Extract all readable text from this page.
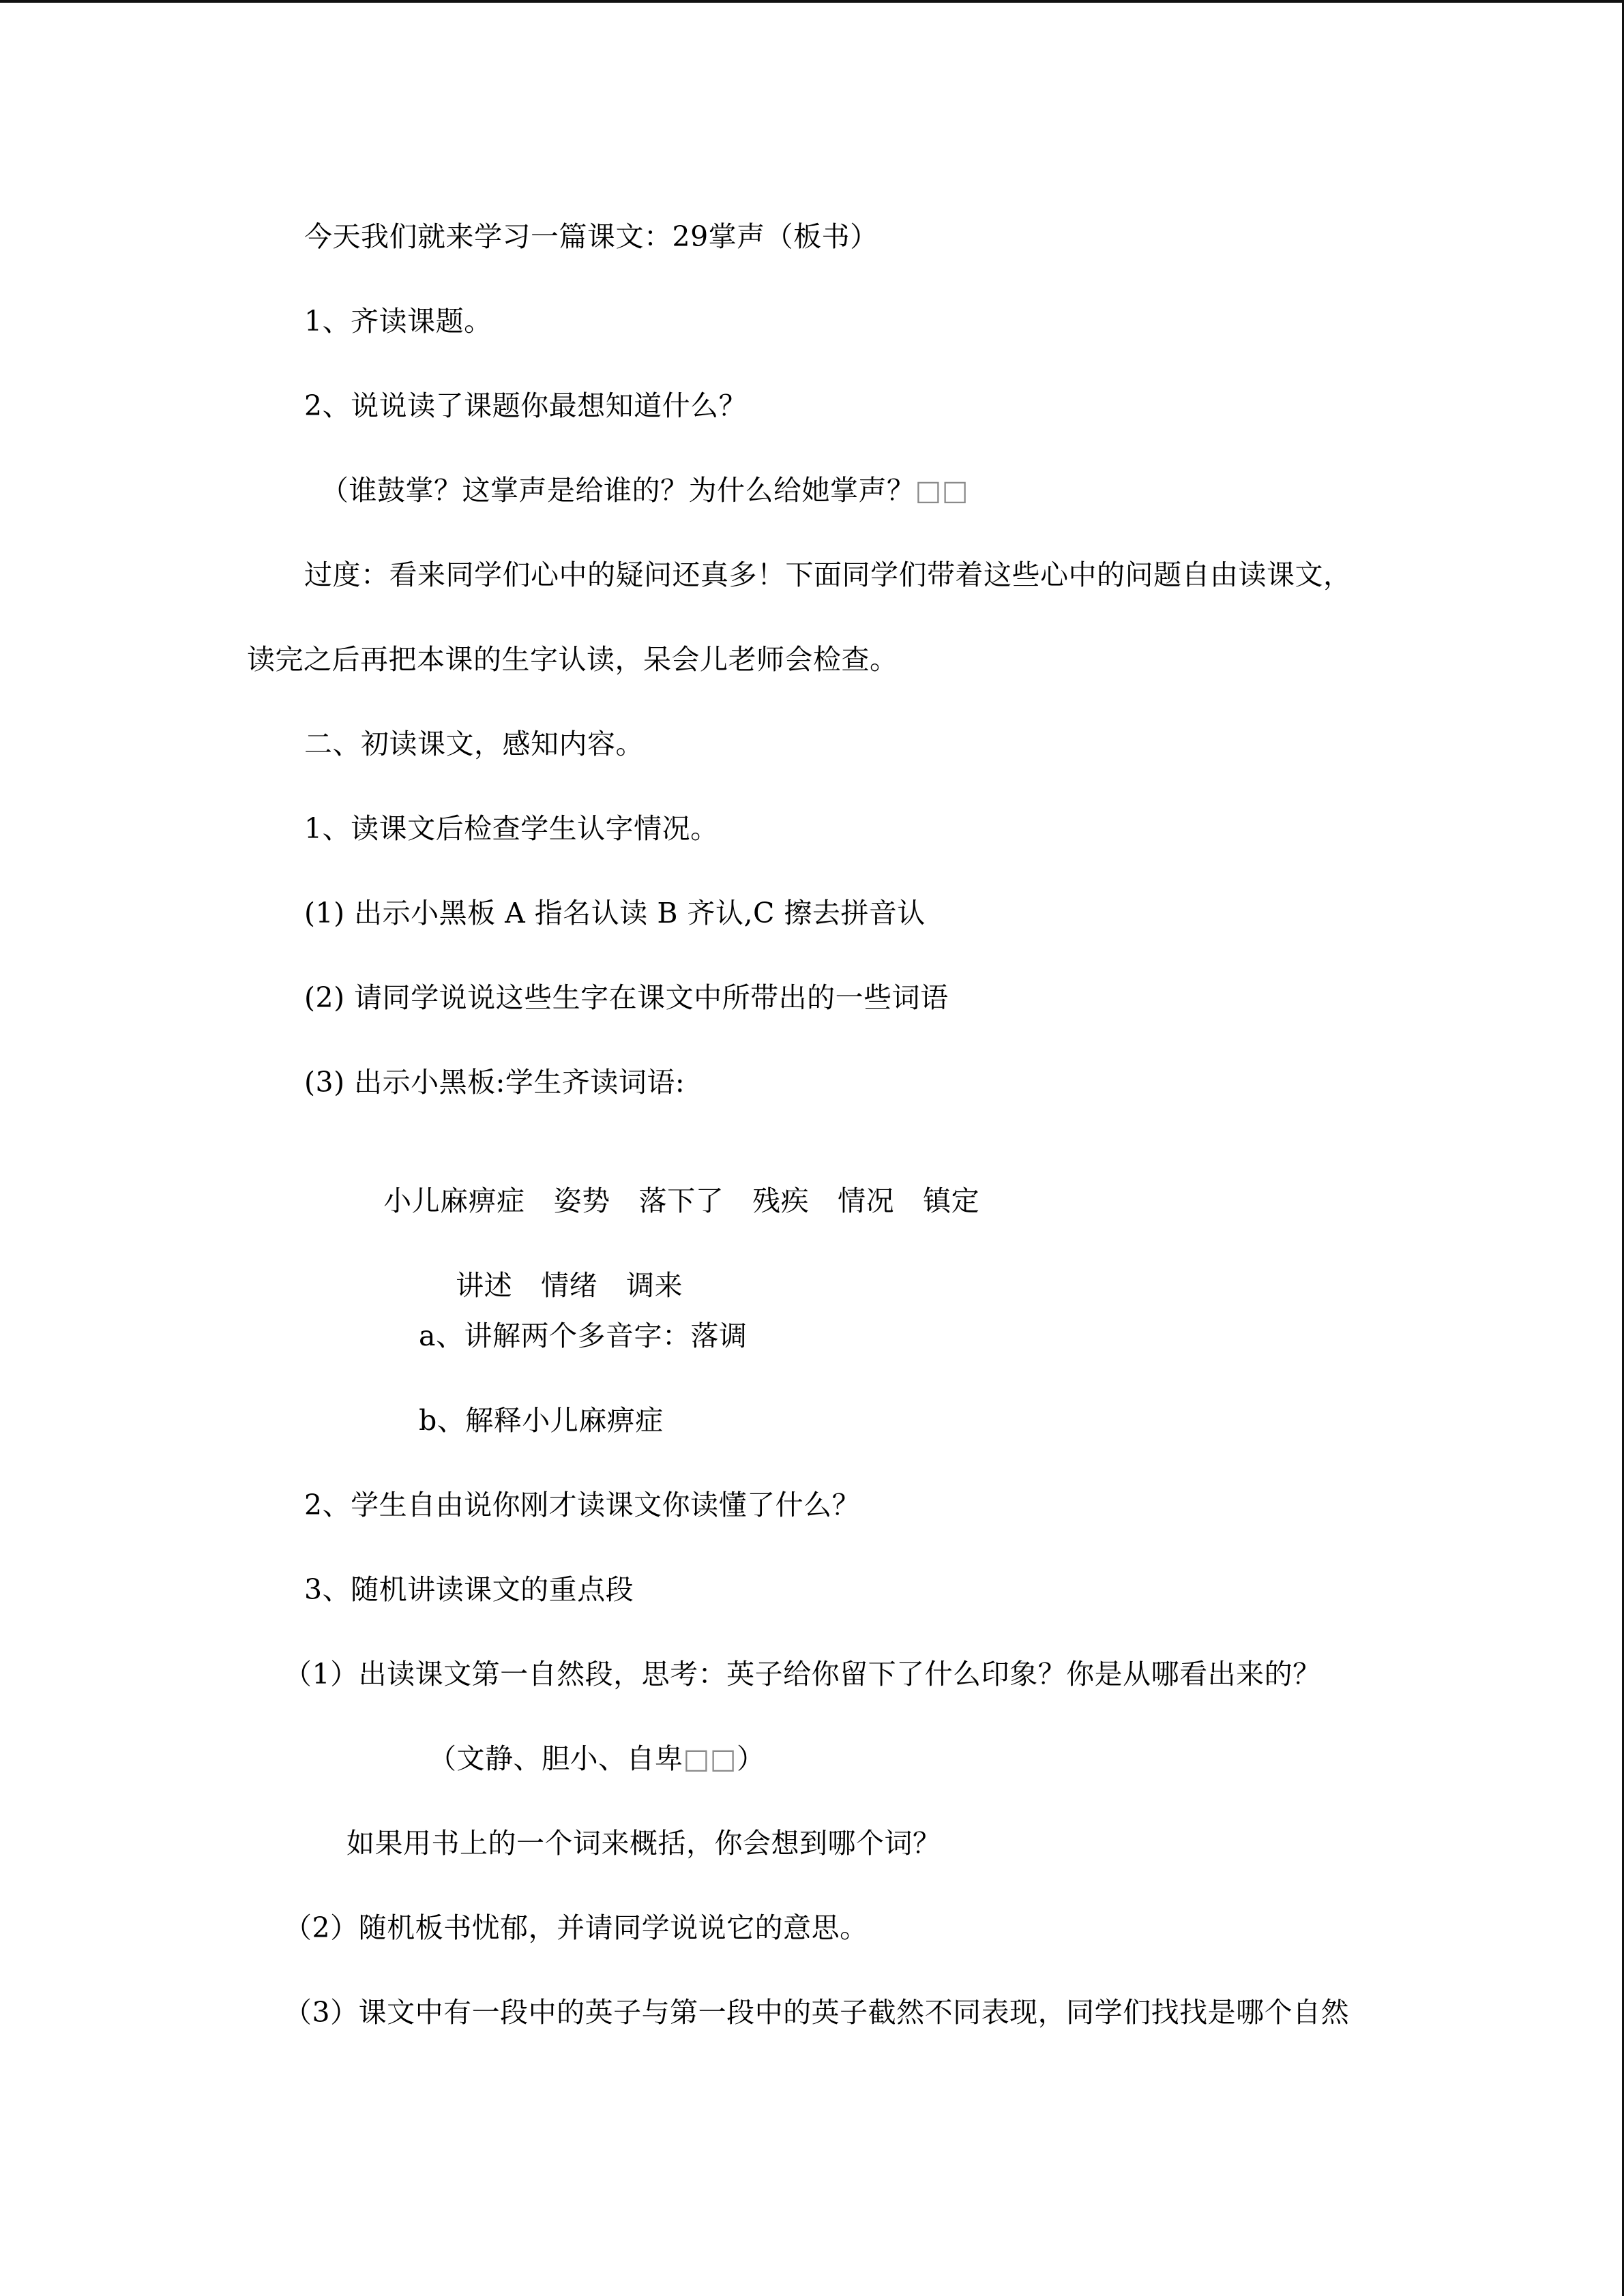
今天我们就来学习一篇课文：29掌声（板书）
1、齐读课题。
2、说说读了课题你最想知道什么？
（谁鼓掌？这掌声是给谁的？为什么给她掌声？□□
过度：看来同学们心中的疑问还真多！下面同学们带着这些心中的问题自由读课文，
读完之后再把本课的生字认读，呆会儿老师会检查。
二、初读课文，感知内容。
1、读课文后检查学生认字情况。
(1) 出示小黑板 A 指名认读 B 齐认,C 擦去拼音认
(2) 请同学说说这些生字在课文中所带出的一些词语
(3) 出示小黑板:学生齐读词语:

小儿麻痹症 姿势 落下了 残疾 情况 镇定

讲述 情绪 调来

a、讲解两个多音字：落调
b、解释小儿麻痹症
2、学生自由说你刚才读课文你读懂了什么？
3、随机讲读课文的重点段
（1）出读课文第一自然段，思考：英子给你留下了什么印象？你是从哪看出来的？
（文静、胆小、自卑□□）
如果用书上的一个词来概括，你会想到哪个词？
（2）随机板书忧郁，并请同学说说它的意思。
（3）课文中有一段中的英子与第一段中的英子截然不同表现，同学们找找是哪个自然
